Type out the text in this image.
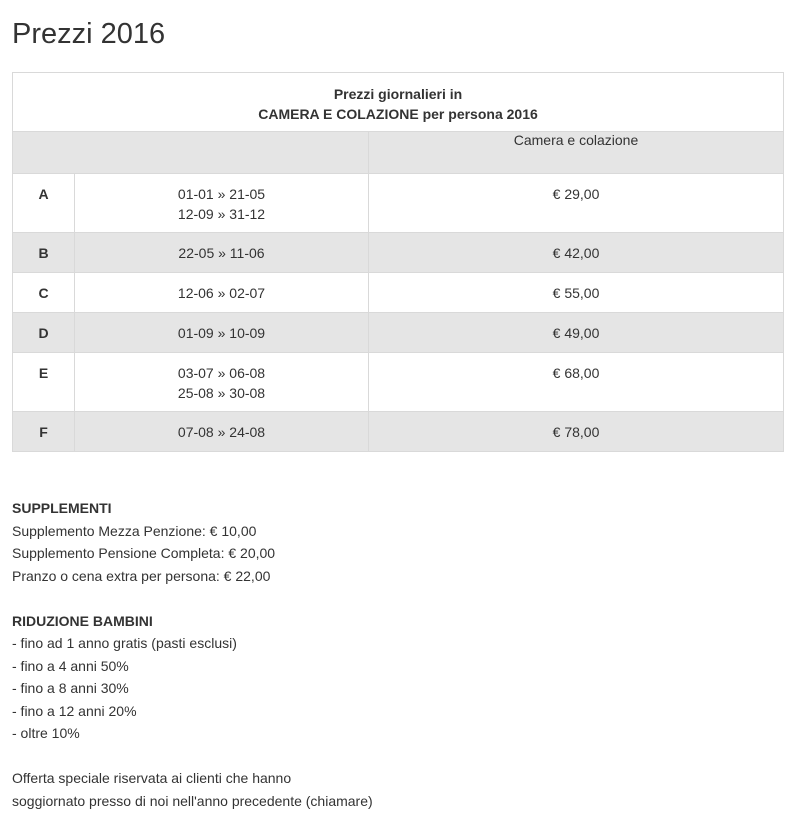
Prezzi 2016
Prezzi giornalieri in
CAMERA E COLAZIONE per persona 2016		

		Camera e colazione
A	01-01 » 21-05
12-09 » 31-12	€ 29,00
B	22-05 » 11-06	€ 42,00
C	12-06 » 02-07	€ 55,00
D	01-09 » 10-09	€ 49,00
E	03-07 » 06-08
25-08 » 30-08	€ 68,00
F	07-08 » 24-08	€ 78,00
SUPPLEMENTI
Supplemento Mezza Penzione: € 10,00
Supplemento Pensione Completa: € 20,00
Pranzo o cena extra per persona: € 22,00
RIDUZIONE BAMBINI
- fino ad 1 anno gratis (pasti esclusi)
- fino a 4 anni 50%
- fino a 8 anni 30%
- fino a 12 anni 20%
- oltre 10%
Offerta speciale riservata ai clienti che hanno
soggiornato presso di noi nell'anno precedente (chiamare)
